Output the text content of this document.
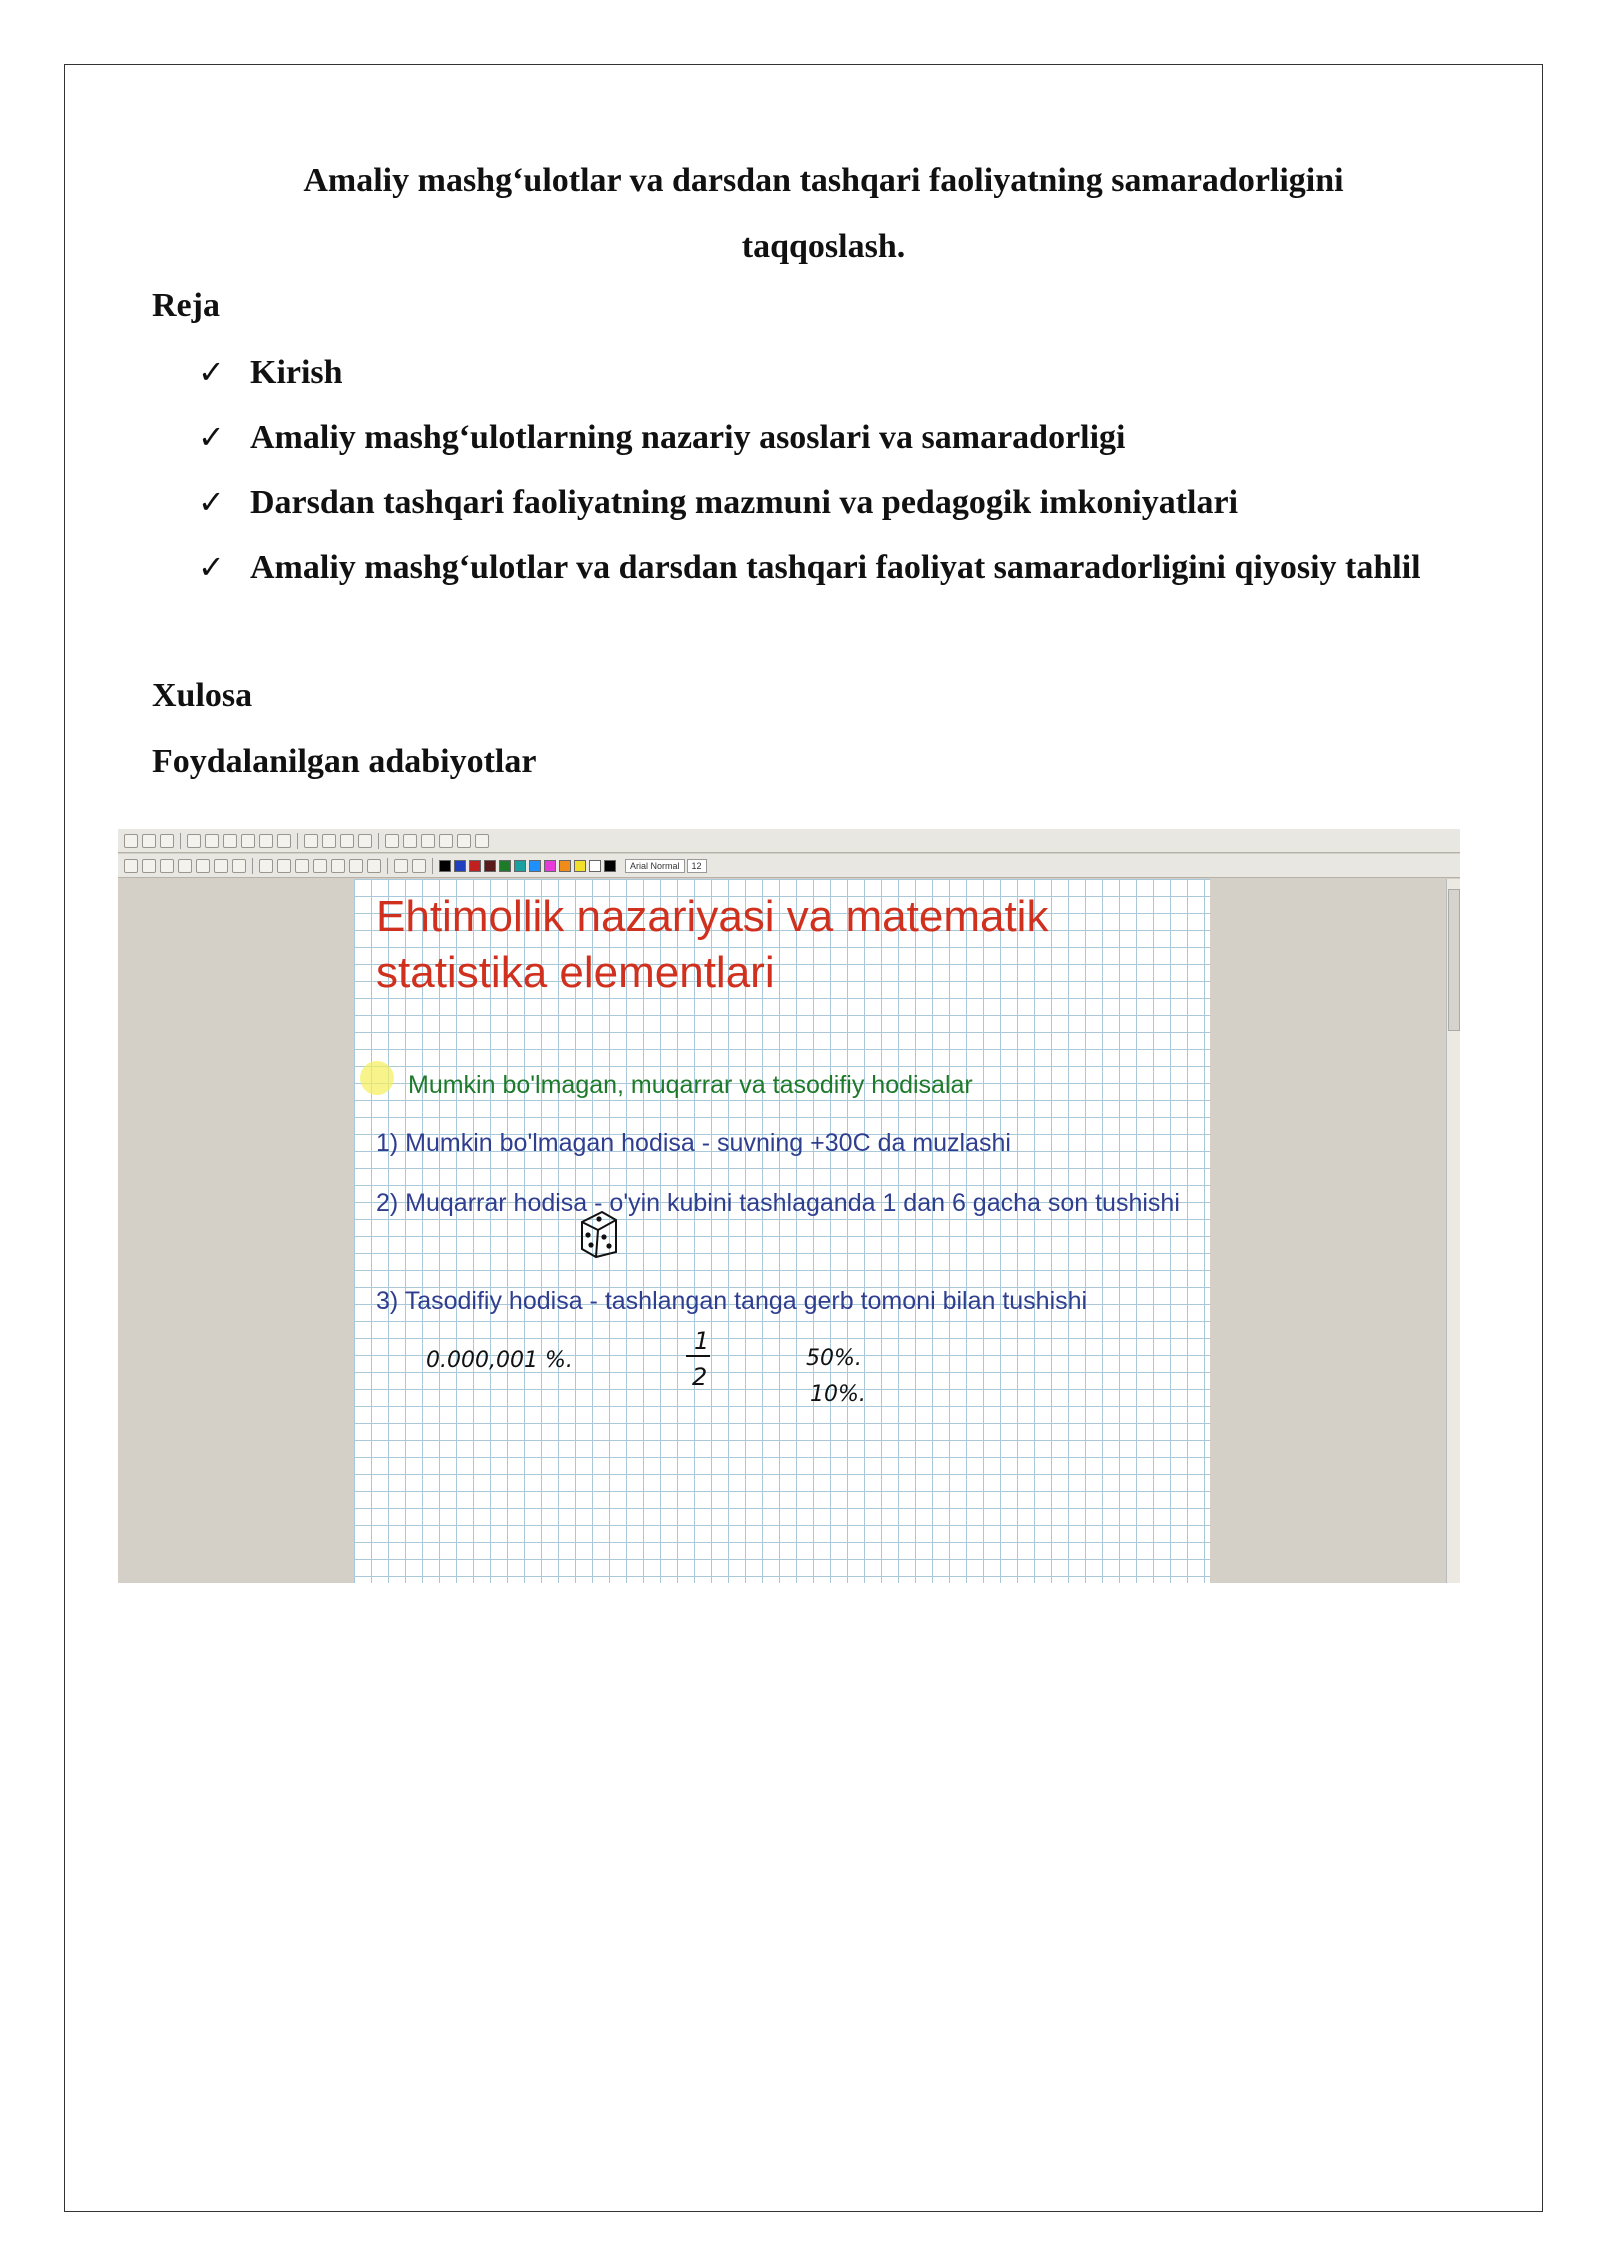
Amaliy mashg‘ulotlar va darsdan tashqari faoliyatning samaradorligini
taqqoslash.
Reja
✓ Kirish
✓ Amaliy mashg‘ulotlarning nazariy asoslari va samaradorligi
✓ Darsdan tashqari faoliyatning mazmuni va pedagogik imkoniyatlari
✓ Amaliy mashg‘ulotlar va darsdan tashqari faoliyat samaradorligini qiyosiy tahlil
Xulosa
Foydalanilgan adabiyotlar
Arial Normal	12
Ehtimollik nazariyasi va matematik statistika elementlari
Mumkin bo'lmagan, muqarrar va tasodifiy hodisalar
1) Mumkin bo'lmagan hodisa - suvning +30C da muzlashi
2) Muqarrar hodisa - o'yin kubini tashlaganda 1 dan 6 gacha son tushishi
3) Tasodifiy hodisa - tashlangan tanga gerb tomoni bilan tushishi
0.000,001 %.
1
2
50%.
10%.
